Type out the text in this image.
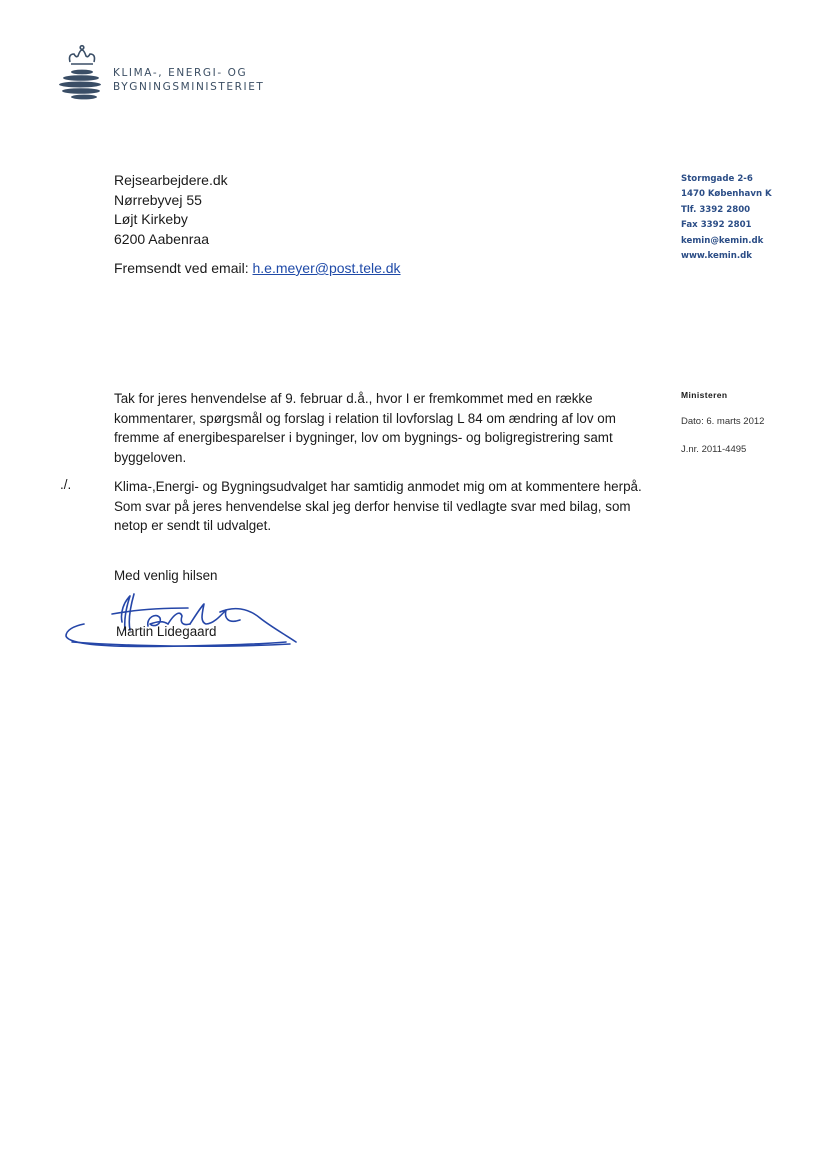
KLIMA-, ENERGI- OG
BYGNINGSMINISTERIET
Rejsearbejdere.dk
Nørrebyvej 55
Løjt Kirkeby
6200 Aabenraa
Fremsendt ved email: h.e.meyer@post.tele.dk
Stormgade 2-6
1470 København K
Tlf. 3392 2800
Fax 3392 2801
kemin@kemin.dk
www.kemin.dk
Ministeren
Dato: 6. marts 2012
J.nr. 2011-4495
Tak for jeres henvendelse af 9. februar d.å., hvor I er fremkommet med en række kommentarer, spørgsmål og forslag i relation til lovforslag L 84 om ændring af lov om fremme af energibesparelser i bygninger, lov om bygnings- og boligregistrering samt byggeloven.
./.	Klima-,Energi- og Bygningsudvalget har samtidig anmodet mig om at kommentere herpå. Som svar på jeres henvendelse skal jeg derfor henvise til vedlagte svar med bilag, som netop er sendt til udvalget.
Med venlig hilsen
Martin Lidegaard
